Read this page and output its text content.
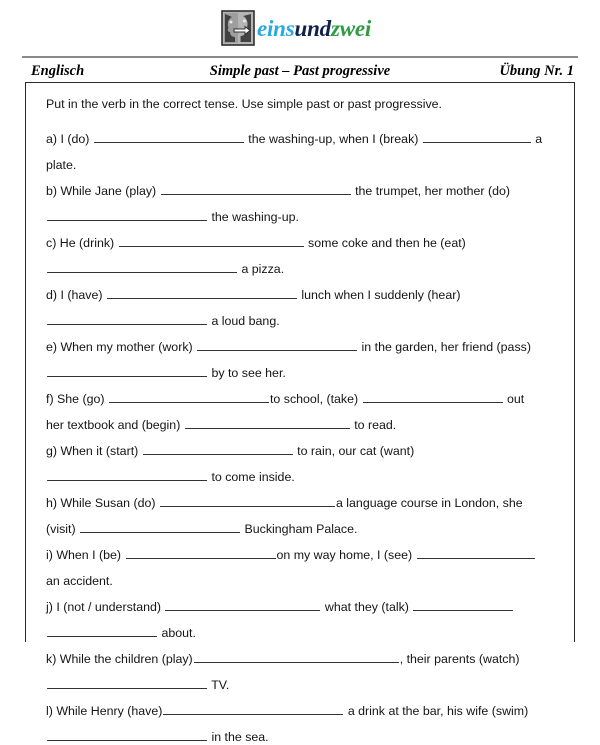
einsundzwei
Englisch	Simple past – Past progressive	Übung Nr. 1
Put in the verb in the correct tense. Use simple past or past progressive.
a) I (do)	the washing-up, when I (break)	a
plate.
b) While Jane (play)	the trumpet, her mother (do)
the washing-up.
c) He (drink)	some coke and then he (eat)
a pizza.
d) I (have)	lunch when I suddenly (hear)
a loud bang.
e) When my mother (work)	in the garden, her friend (pass)
by to see her.
f) She (go)	to school, (take)	out
her textbook and (begin)	to read.
g) When it (start)	to rain, our cat (want)
to come inside.
h) While Susan (do)	a language course in London, she
(visit)	Buckingham Palace.
i) When I (be)	on my way home, I (see)
an accident.
j) I (not / understand)	what they (talk)
about.
k) While the children (play)	, their parents (watch)
TV.
l) While Henry (have)	a drink at the bar, his wife (swim)
in the sea.
